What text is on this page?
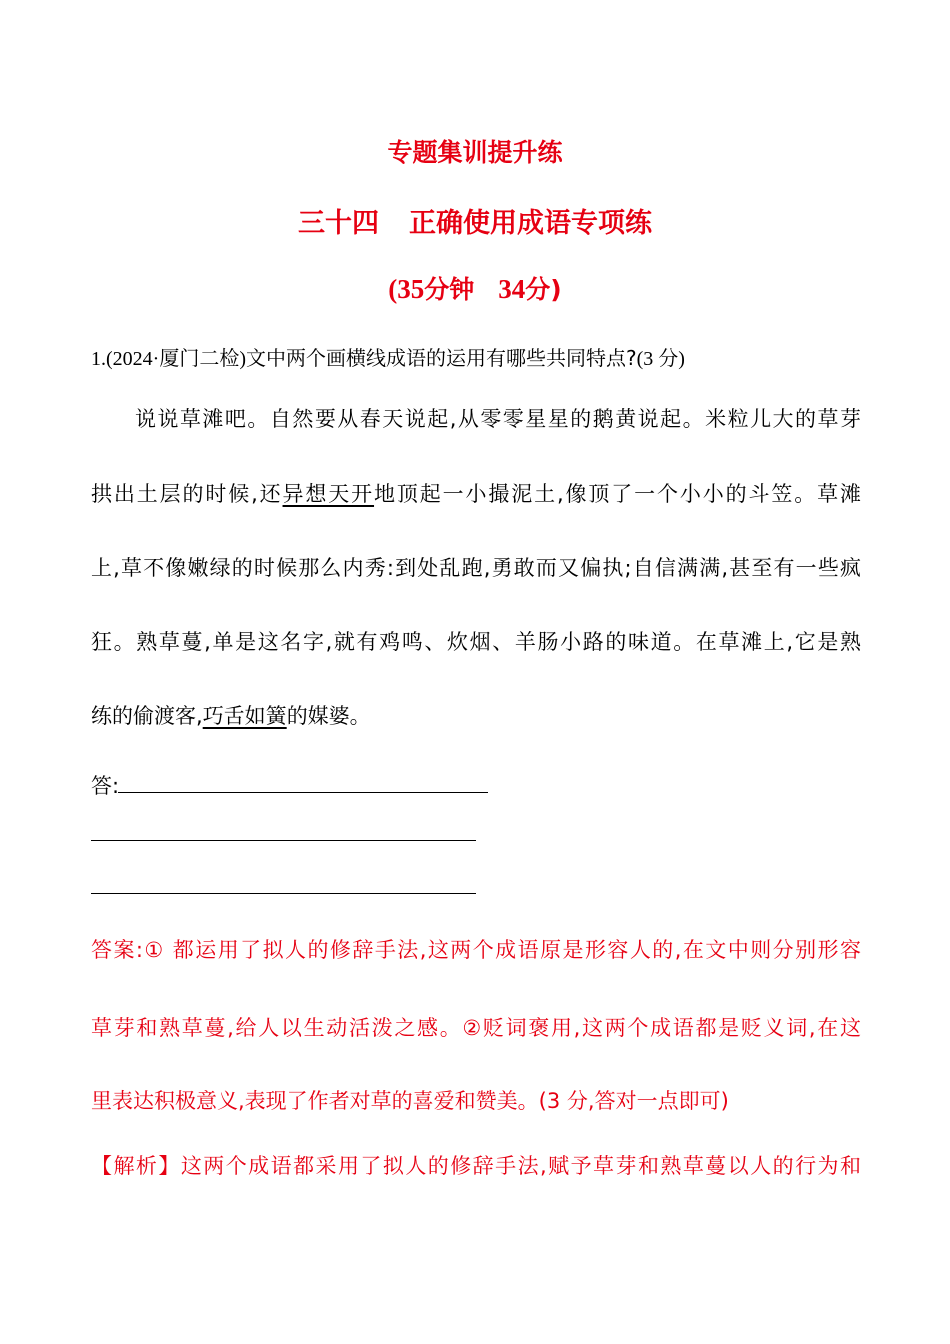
专题集训提升练
三十四 正确使用成语专项练
(35分钟 34分)
1.(2024·厦门二检)文中两个画横线成语的运用有哪些共同特点?(3 分)
说说草滩吧。自然要从春天说起,从零零星星的鹅黄说起。米粒儿大的草芽
拱出土层的时候,还异想天开地顶起一小撮泥土,像顶了一个小小的斗笠。草滩
上,草不像嫩绿的时候那么内秀:到处乱跑,勇敢而又偏执;自信满满,甚至有一些疯
狂。熟草蔓,单是这名字,就有鸡鸣、炊烟、羊肠小路的味道。在草滩上,它是熟
练的偷渡客,巧舌如簧的媒婆。
答:
答案:① 都运用了拟人的修辞手法,这两个成语原是形容人的,在文中则分别形容
草芽和熟草蔓,给人以生动活泼之感。②贬词褒用,这两个成语都是贬义词,在这
里表达积极意义,表现了作者对草的喜爱和赞美。(3 分,答对一点即可)
【解析】这两个成语都采用了拟人的修辞手法,赋予草芽和熟草蔓以人的行为和
